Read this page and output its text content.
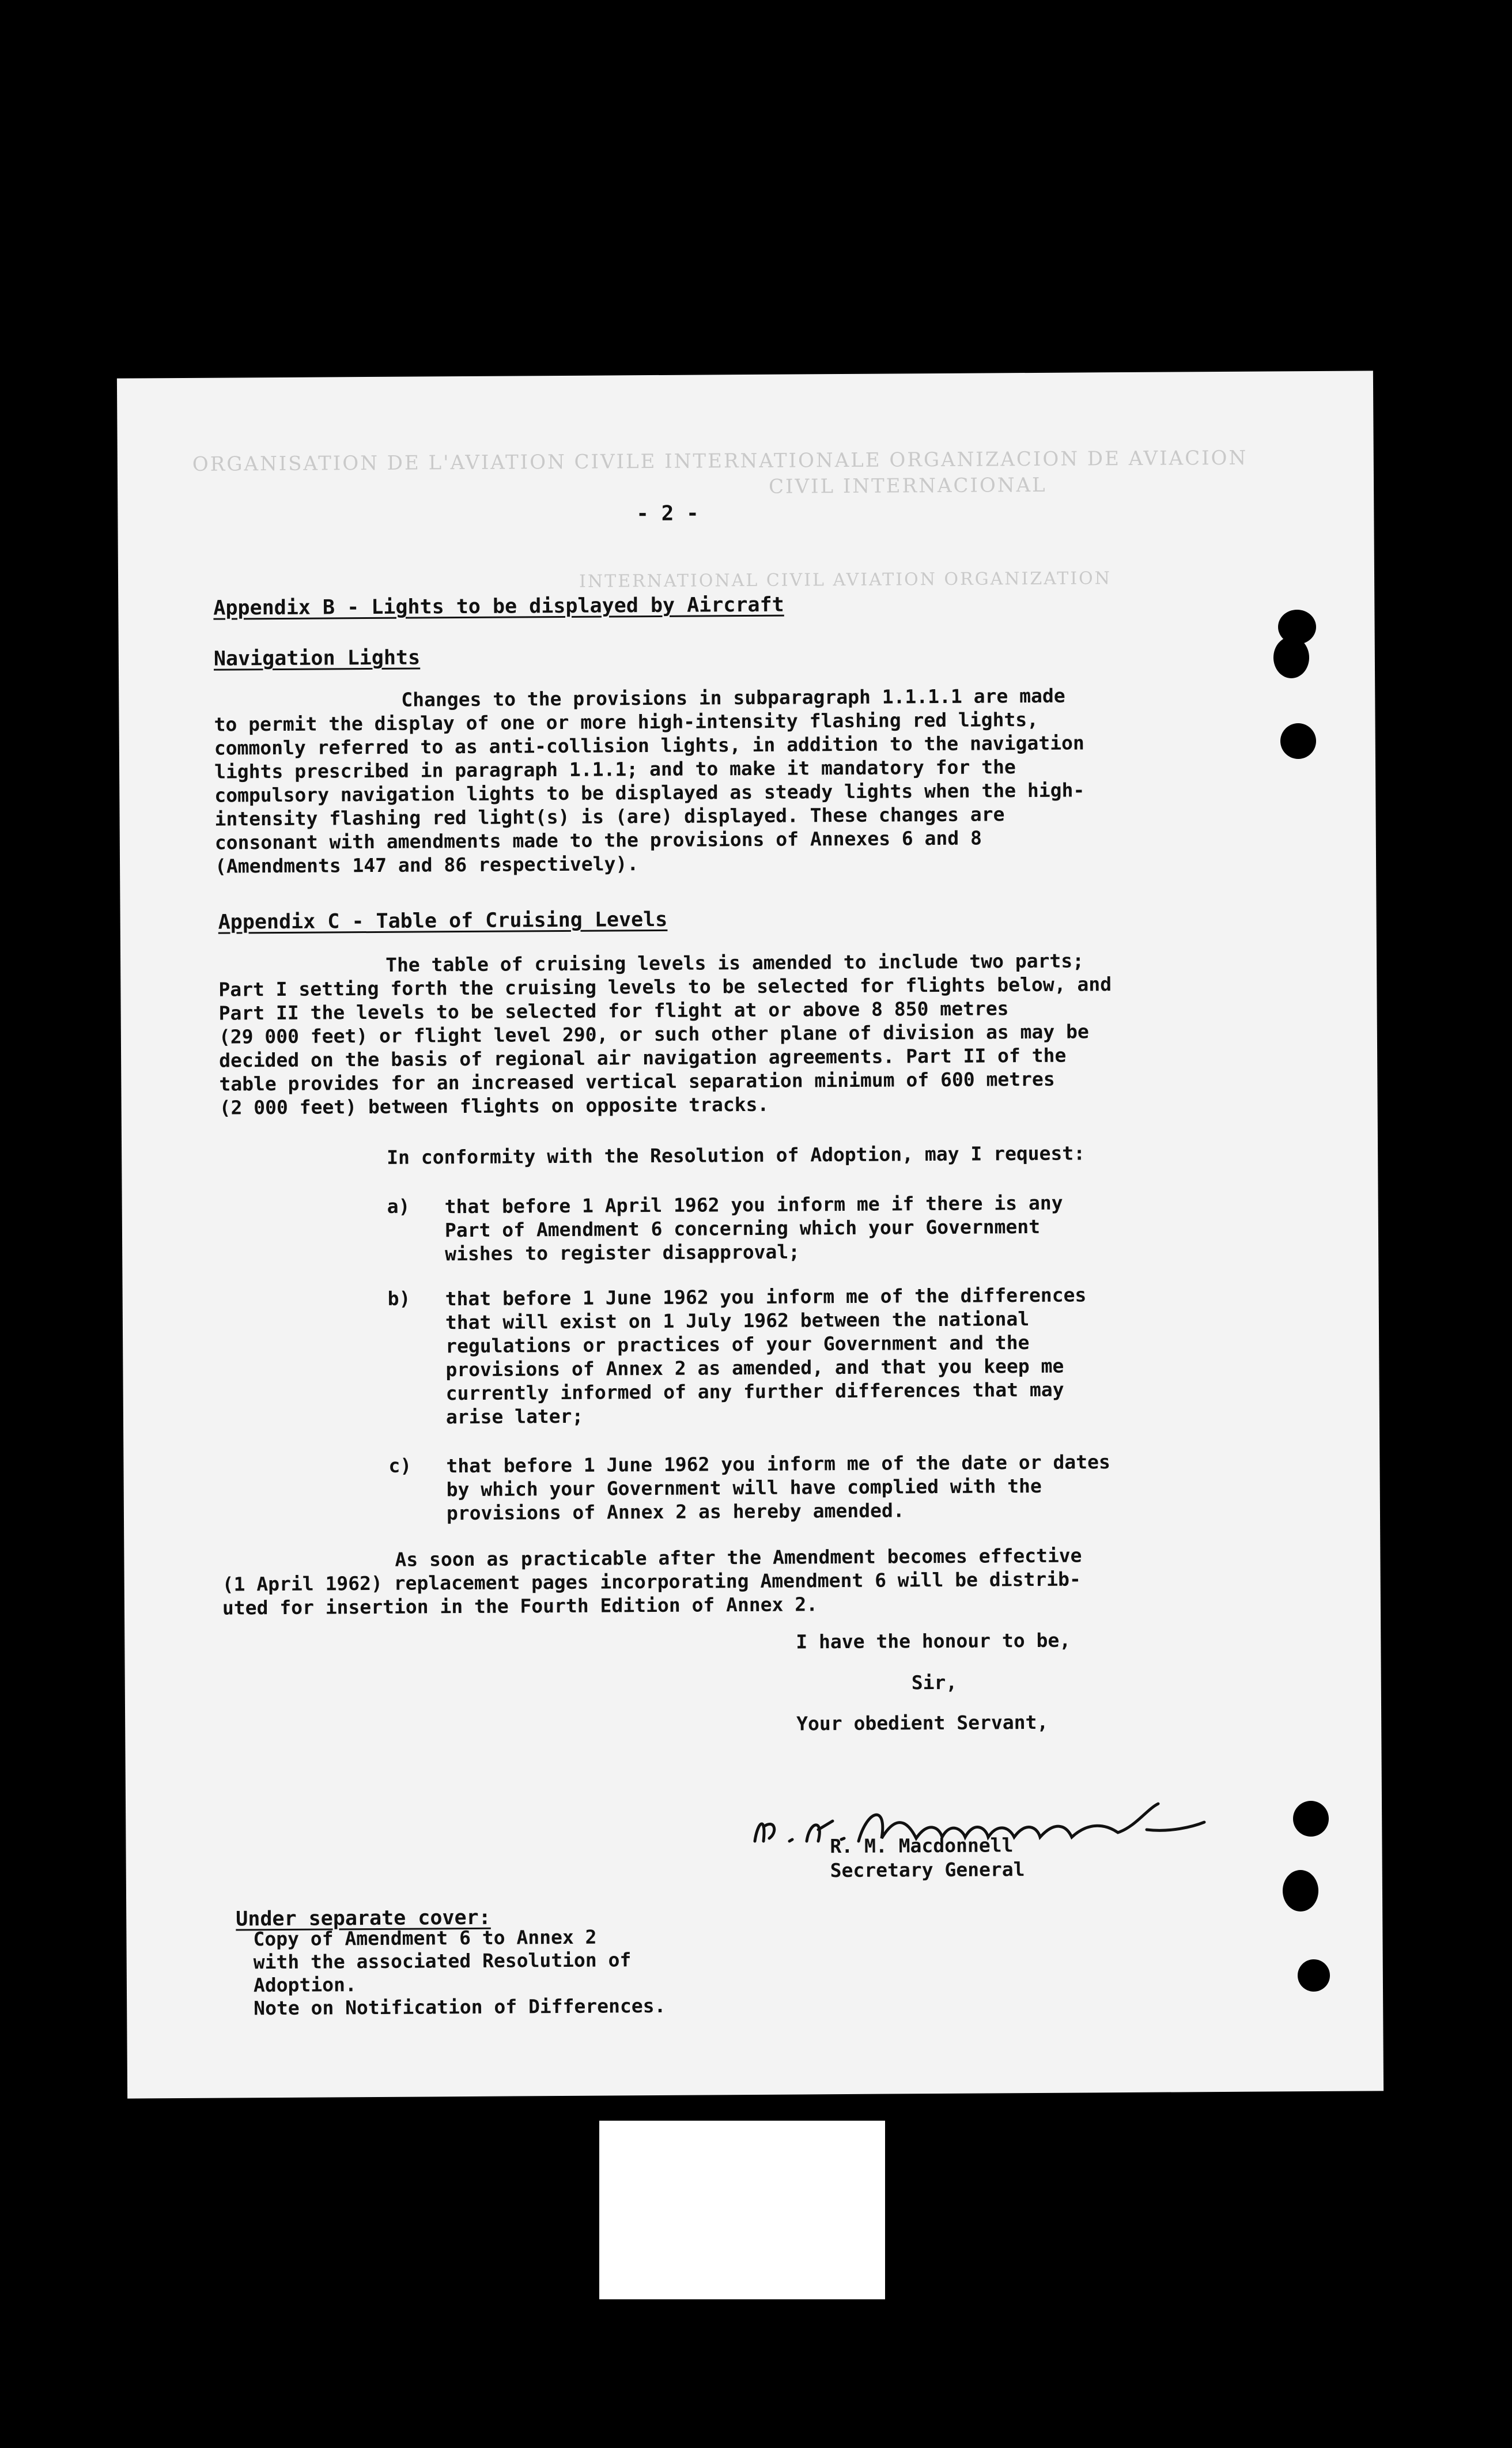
ORGANISATION DE L'AVIATION CIVILE INTERNATIONALE ORGANIZACION DE AVIACION
CIVIL INTERNACIONAL
INTERNATIONAL CIVIL AVIATION ORGANIZATION
- 2 -
Appendix B - Lights to be displayed by Aircraft
Navigation Lights
Changes to the provisions in subparagraph 1.1.1.1 are made
to permit the display of one or more high-intensity flashing red lights,
commonly referred to as anti-collision lights, in addition to the navigation
lights prescribed in paragraph 1.1.1; and to make it mandatory for the
compulsory navigation lights to be displayed as steady lights when the high-
intensity flashing red light(s) is (are) displayed. These changes are
consonant with amendments made to the provisions of Annexes 6 and 8
(Amendments 147 and 86 respectively).
Appendix C - Table of Cruising Levels
The table of cruising levels is amended to include two parts;
Part I setting forth the cruising levels to be selected for flights below, and
Part II the levels to be selected for flight at or above 8 850 metres
(29 000 feet) or flight level 290, or such other plane of division as may be
decided on the basis of regional air navigation agreements. Part II of the
table provides for an increased vertical separation minimum of 600 metres
(2 000 feet) between flights on opposite tracks.
In conformity with the Resolution of Adoption, may I request:
a) that before 1 April 1962 you inform me if there is any
Part of Amendment 6 concerning which your Government
wishes to register disapproval;
b) that before 1 June 1962 you inform me of the differences
that will exist on 1 July 1962 between the national
regulations or practices of your Government and the
provisions of Annex 2 as amended, and that you keep me
currently informed of any further differences that may
arise later;
c) that before 1 June 1962 you inform me of the date or dates
by which your Government will have complied with the
provisions of Annex 2 as hereby amended.
As soon as practicable after the Amendment becomes effective
(1 April 1962) replacement pages incorporating Amendment 6 will be distrib-
uted for insertion in the Fourth Edition of Annex 2.
I have the honour to be,
Sir,
Your obedient Servant,
R. M. Macdonnell
Secretary General
Under separate cover:
Copy of Amendment 6 to Annex 2
with the associated Resolution of
Adoption.
Note on Notification of Differences.
